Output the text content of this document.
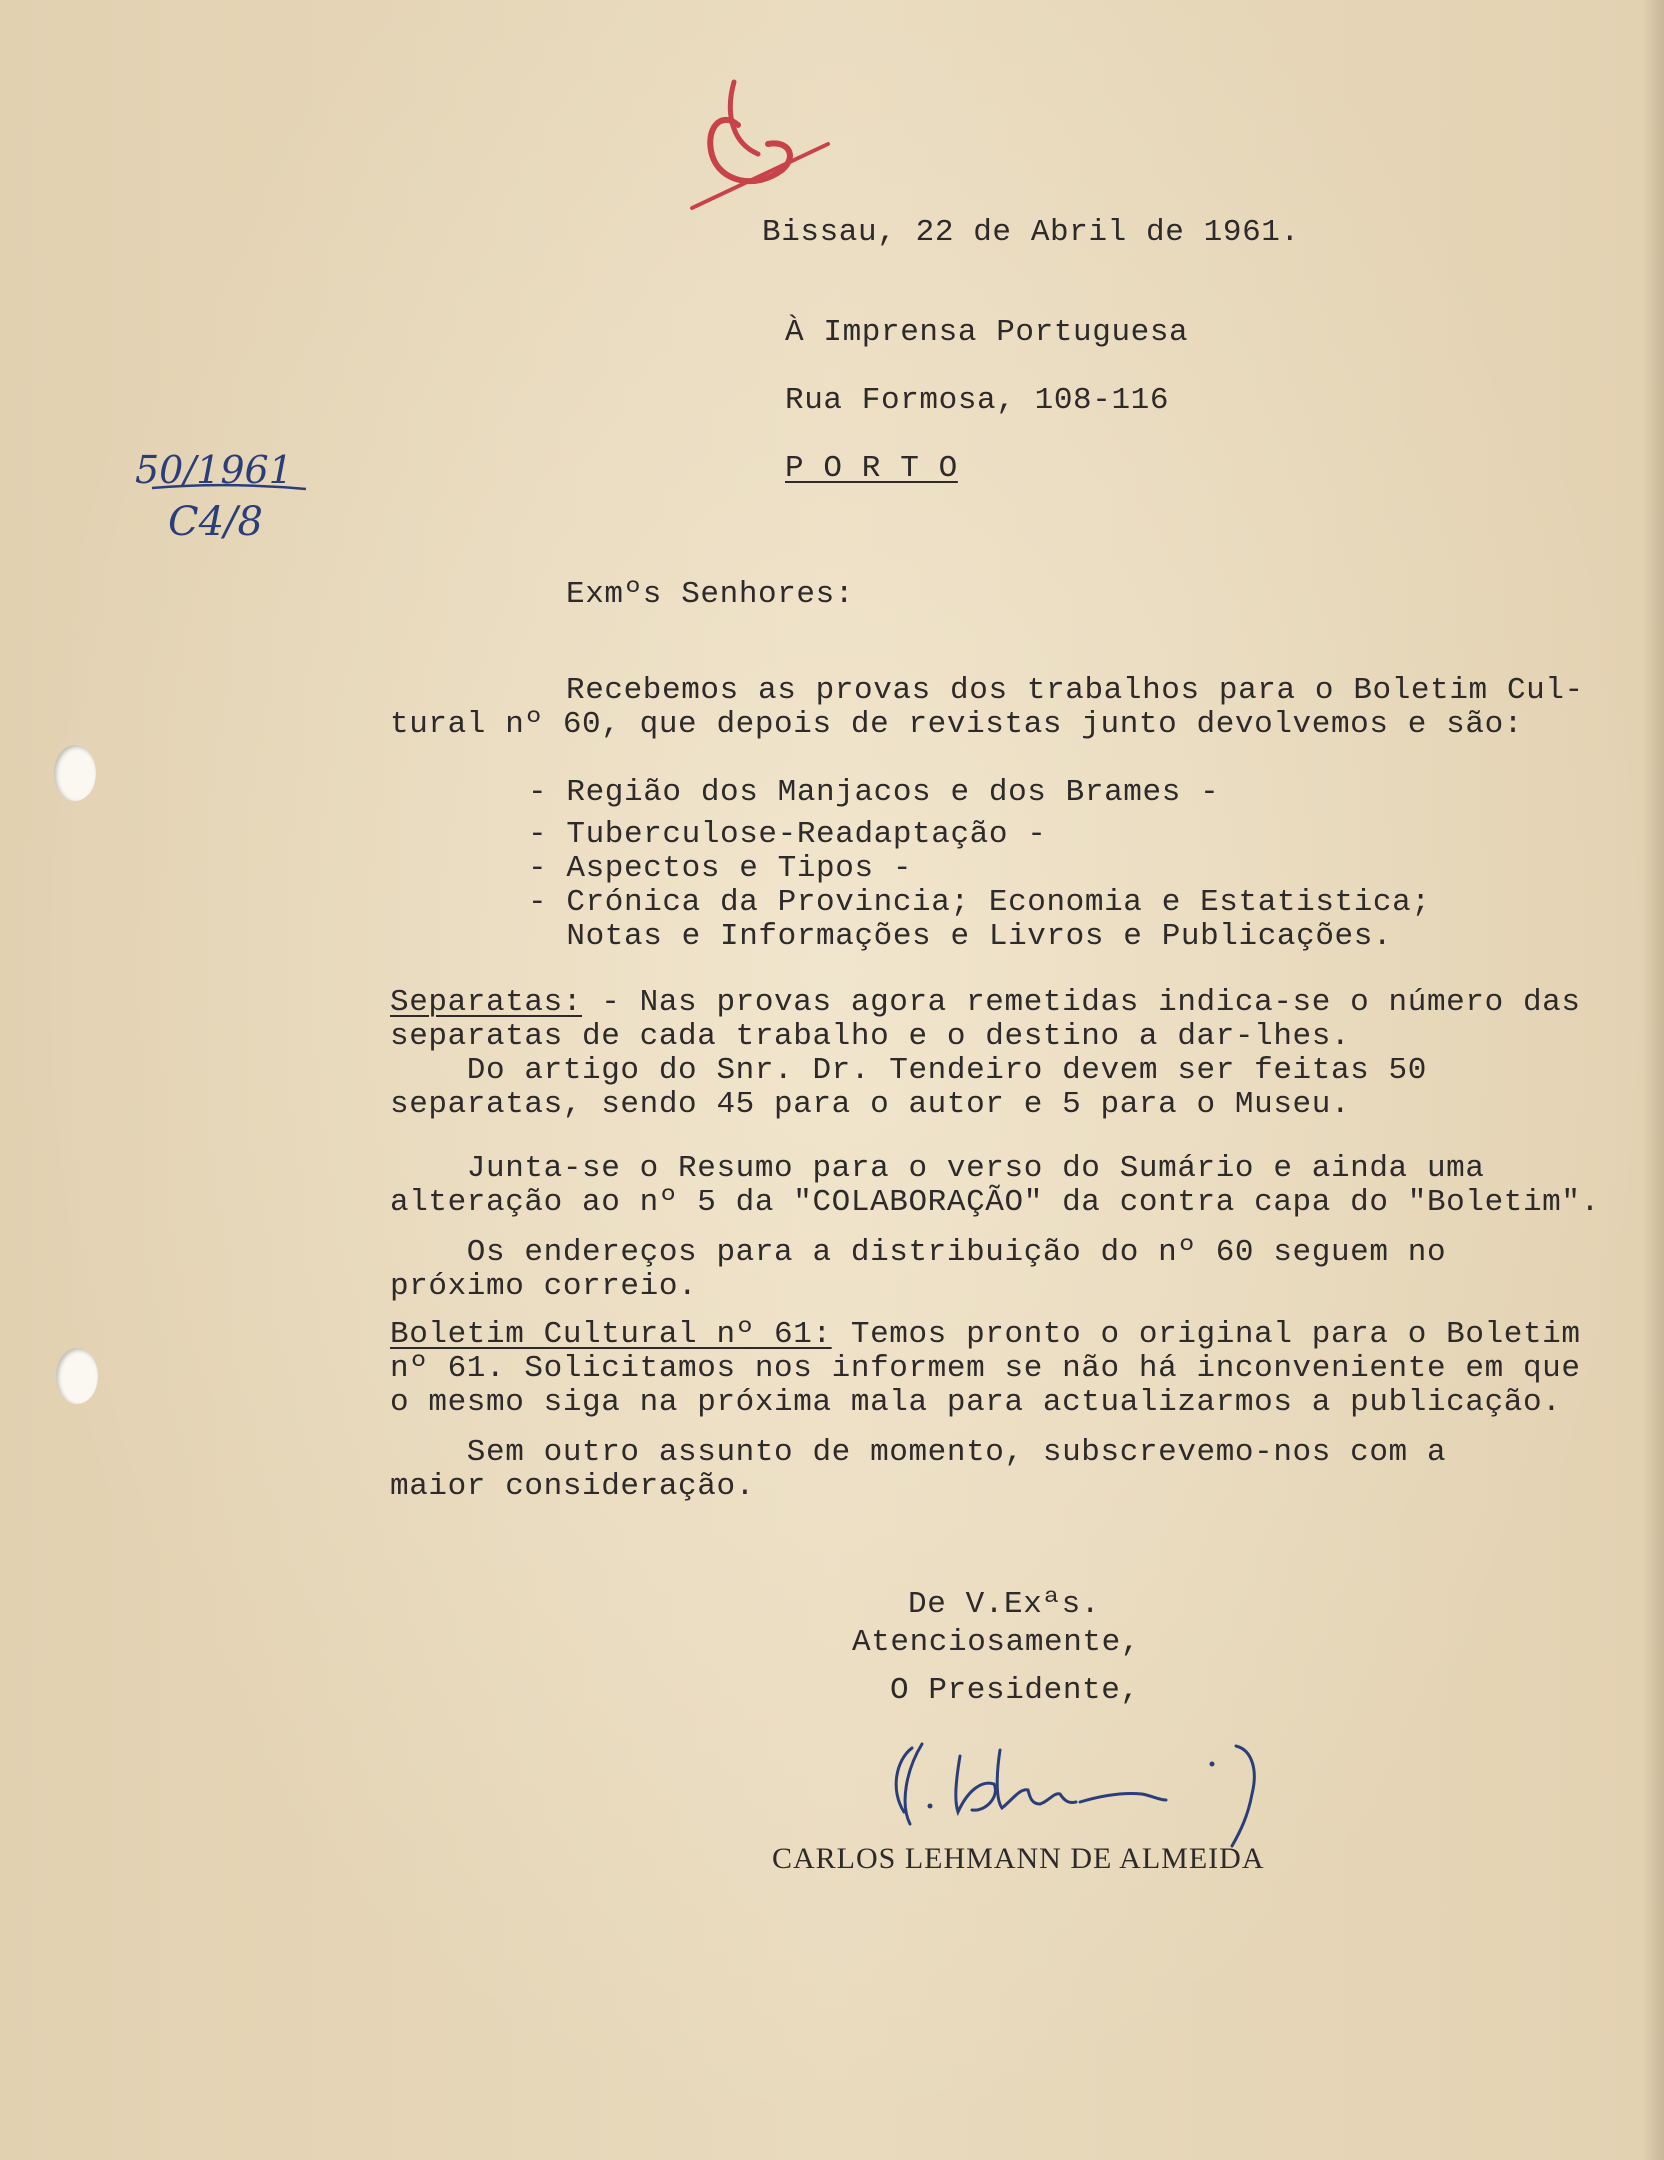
50/1961
C4/8
Bissau, 22 de Abril de 1961.
À Imprensa Portuguesa
Rua Formosa, 108-116
P O R T O
Exmºs Senhores:
Recebemos as provas dos trabalhos para o Boletim Cul-
tural nº 60, que depois de revistas junto devolvemos e são:
- Região dos Manjacos e dos Brames -
- Tuberculose-Readaptação -
- Aspectos e Tipos -
- Crónica da Provincia; Economia e Estatistica;
Notas e Informações e Livros e Publicações.
Separatas: - Nas provas agora remetidas indica-se o número das
separatas de cada trabalho e o destino a dar-lhes.
Do artigo do Snr. Dr. Tendeiro devem ser feitas 50
separatas, sendo 45 para o autor e 5 para o Museu.
Junta-se o Resumo para o verso do Sumário e ainda uma
alteração ao nº 5 da "COLABORAÇÃO" da contra capa do "Boletim".
Os endereços para a distribuição do nº 60 seguem no
próximo correio.
Boletim Cultural nº 61: Temos pronto o original para o Boletim
nº 61. Solicitamos nos informem se não há inconveniente em que
o mesmo siga na próxima mala para actualizarmos a publicação.
Sem outro assunto de momento, subscrevemo-nos com a
maior consideração.
De V.Exªs.
Atenciosamente,
O Presidente,
CARLOS LEHMANN DE ALMEIDA
